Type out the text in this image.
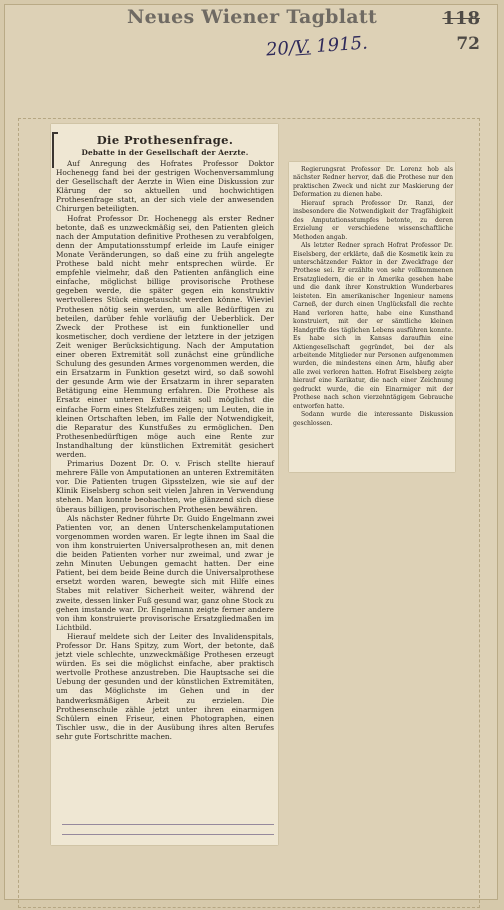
Neues Wiener Tagblatt	118
72
20/V. 1915.
Die Prothesenfrage.
Debatte in der Gesellschaft der Aerzte.

Auf Anregung des Hofrates Professor Doktor Hochenegg fand bei der gestrigen Wochenversammlung der Gesellschaft der Aerzte in Wien eine Diskussion zur Klärung der so aktuellen und hochwichtigen Prothesenfrage statt, an der sich viele der anwesenden Chirurgen beteiligten.

Hofrat Professor Dr. Hochenegg als erster Redner betonte, daß es unzweckmäßig sei, den Patienten gleich nach der Amputation definitive Prothesen zu verabfolgen, denn der Amputationsstumpf erleide im Laufe einiger Monate Veränderungen, so daß eine zu früh angelegte Prothese bald nicht mehr entsprechen würde. Er empfehle vielmehr, daß den Patienten anfänglich eine einfache, möglichst billige provisorische Prothese gegeben werde, die später gegen ein konstruktiv wertvolleres Stück eingetauscht werden könne. Wieviel Prothesen nötig sein werden, um alle Bedürftigen zu beteilen, darüber fehle vorläufig der Ueberblick. Der Zweck der Prothese ist ein funktioneller und kosmetischer, doch verdiene der letztere in der jetzigen Zeit weniger Berücksichtigung. Nach der Amputation einer oberen Extremität soll zunächst eine gründliche Schulung des gesunden Armes vorgenommen werden, die ein Ersatzarm in Funktion gesetzt wird, so daß sowohl der gesunde Arm wie der Ersatzarm in ihrer separaten Betätigung eine Hemmung erfahren. Die Prothese als Ersatz einer unteren Extremität soll möglichst die einfache Form eines Stelzfußes zeigen; um Leuten, die in kleinen Ortschaften leben, im Falle der Notwendigkeit, die Reparatur des Kunstfußes zu ermöglichen. Den Prothesenbedürftigen möge auch eine Rente zur Instandhaltung der künstlichen Extremität gesichert werden.

Primarius Dozent Dr. O. v. Frisch stellte hierauf mehrere Fälle von Amputationen an unteren Extremitäten vor. Die Patienten trugen Gipsstelzen, wie sie auf der Klinik Eiselsberg schon seit vielen Jahren in Verwendung stehen. Man konnte beobachten, wie glänzend sich diese überaus billigen, provisorischen Prothesen bewähren.

Als nächster Redner führte Dr. Guido Engelmann zwei Patienten vor, an denen Unterschenkelamputationen vorgenommen worden waren. Er legte ihnen im Saal die von ihm konstruierten Universalprothesen an, mit denen die beiden Patienten vorher nur zweimal, und zwar je zehn Minuten Uebungen gemacht hatten. Der eine Patient, bei dem beide Beine durch die Universalprothese ersetzt worden waren, bewegte sich mit Hilfe eines Stabes mit relativer Sicherheit weiter, während der zweite, dessen linker Fuß gesund war, ganz ohne Stock zu gehen imstande war. Dr. Engelmann zeigte ferner andere von ihm konstruierte provisorische Ersatzgliedmaßen im Lichtbild.

Hierauf meldete sich der Leiter des Invalidenspitals, Professor Dr. Hans Spitzy, zum Wort, der betonte, daß jetzt viele schlechte, unzweckmäßige Prothesen erzeugt würden. Es sei die möglichst einfache, aber praktisch wertvolle Prothese anzustreben. Die Hauptsache sei die Uebung der gesunden und der künstlichen Extremitäten, um das Möglichste im Gehen und in der handwerksmäßigen Arbeit zu erzielen. Die Prothesenschule zähle jetzt unter ihren einarmigen Schülern einen Friseur, einen Photographen, einen Tischler usw., die in der Ausübung ihres alten Berufes sehr gute Fortschritte machen.

Regierungsrat Professor Dr. Lorenz hob als nächster Redner hervor, daß die Prothese nur den praktischen Zweck und nicht zur Maskierung der Deformation zu dienen habe.

Hierauf sprach Professor Dr. Ranzi, der insbesondere die Notwendigkeit der Tragfähigkeit des Amputationsstumpfes betonte, zu deren Erzielung er verschiedene wissenschaftliche Methoden angab.

Als letzter Redner sprach Hofrat Professor Dr. Eiselsberg, der erklärte, daß die Kosmetik kein zu unterschätzender Faktor in der Zweckfrage der Prothese sei. Er erzählte von sehr vollkommenen Ersatzgliedern, die er in Amerika gesehen habe und die dank ihrer Konstruktion Wunderbares leisteten. Ein amerikanischer Ingenieur namens Carneß, der durch einen Unglücksfall die rechte Hand verloren hatte, habe eine Kunsthand konstruiert, mit der er sämtliche kleinen Handgriffe des täglichen Lebens ausführen konnte. Es habe sich in Kansas daraufhin eine Aktiengesellschaft gegründet, bei der als arbeitende Mitglieder nur Personen aufgenommen wurden, die mindestens einen Arm, häufig aber alle zwei verloren hatten. Hofrat Eiselsberg zeigte hierauf eine Karikatur, die nach einer Zeichnung gedruckt wurde, die ein Einarmiger mit der Prothese nach schon vierzehntägigem Gebrauche entworfen hatte.

Sodann wurde die interessante Diskussion geschlossen.
